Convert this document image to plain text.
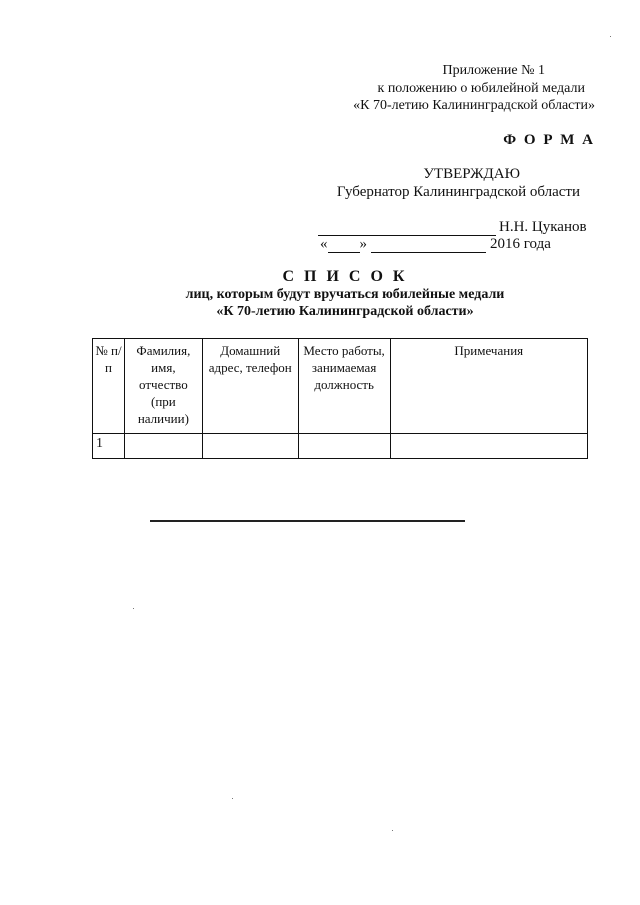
Приложение № 1
к положению о юбилейной медали
«К 70-летию Калининградской области»
Ф О Р М А
УТВЕРЖДАЮ
Губернатор Калининградской области
Н.Н. Цуканов
« »	2016 года
С П И С О К
лиц, которым будут вручаться юбилейные медали
«К 70-летию Калининградской области»
№ п/п	Фамилия, имя, отчество (при наличии)	Домашний адрес, телефон	Место работы, занимаемая должность	Примечания
1				
